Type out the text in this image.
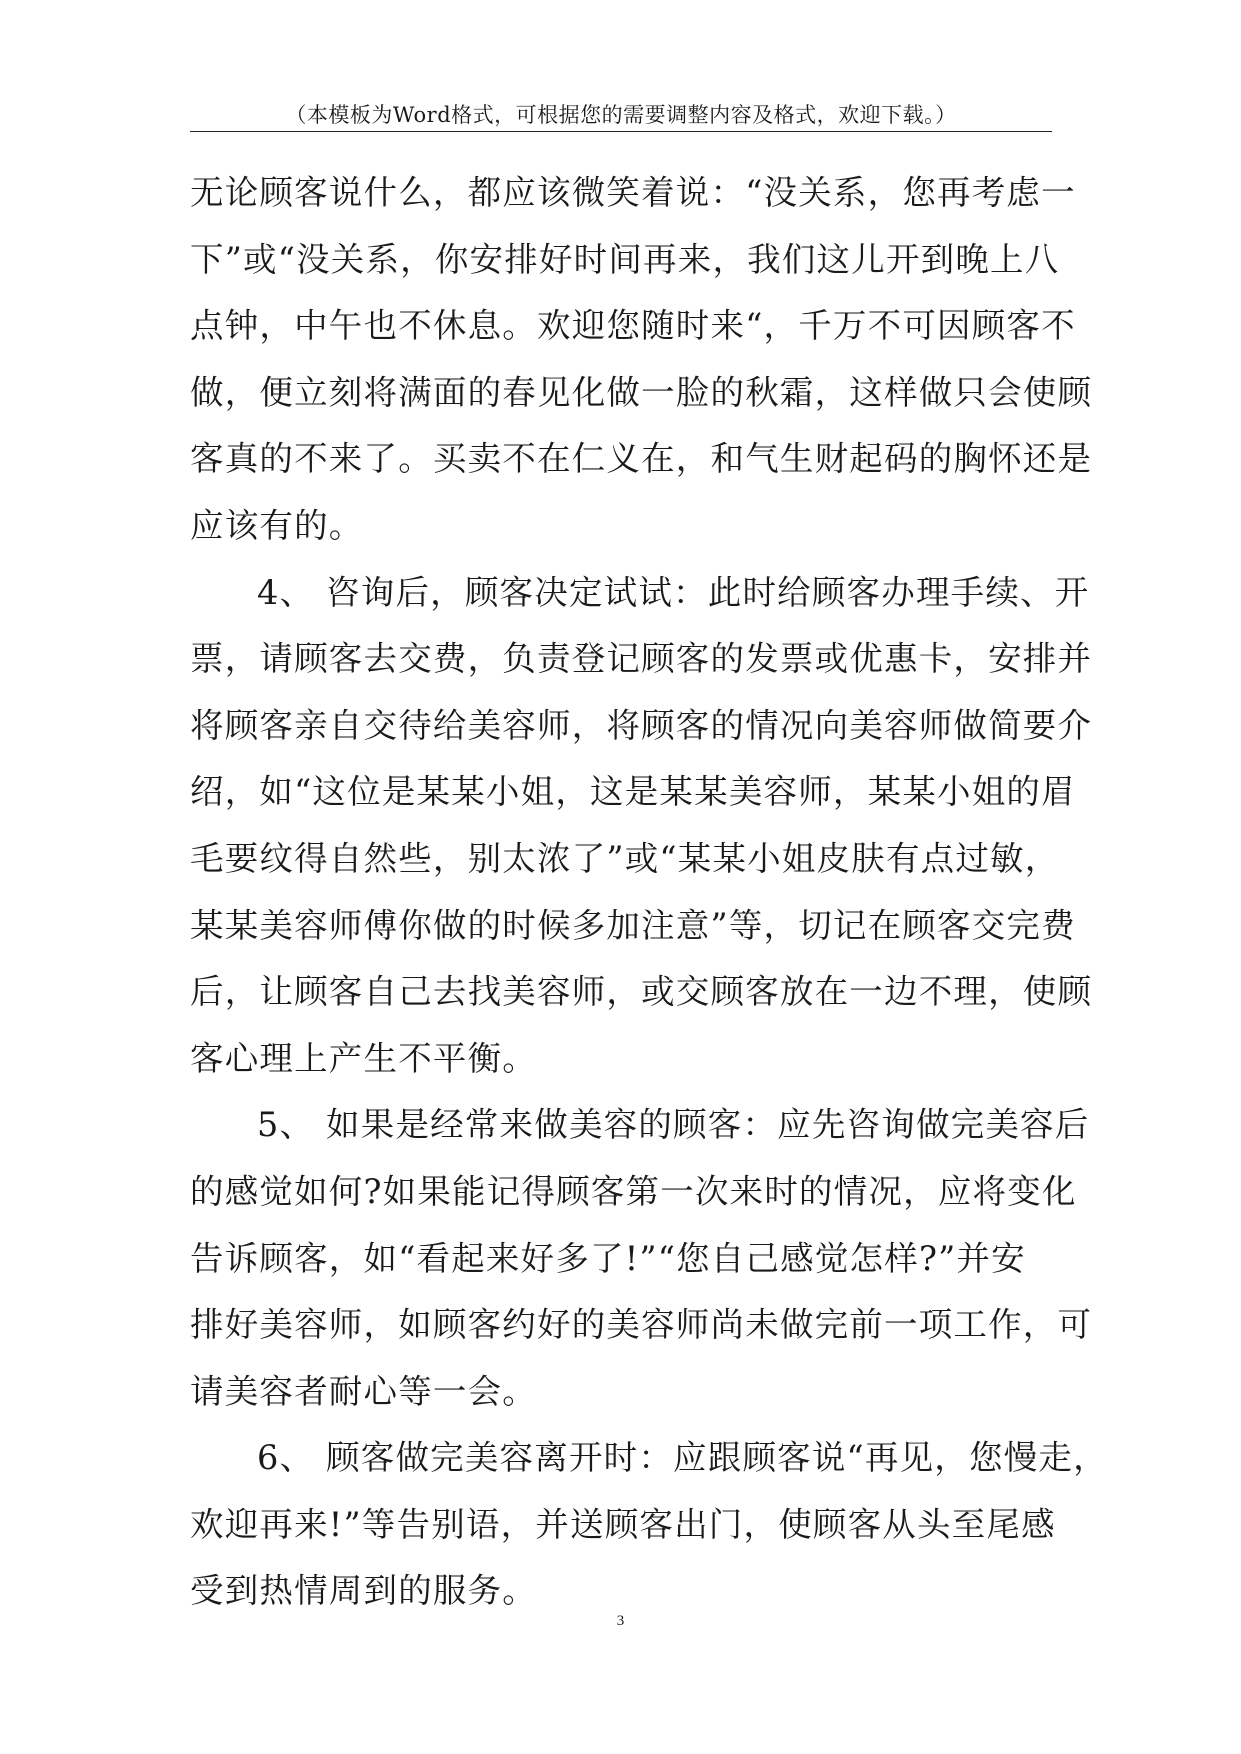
（本模板为Word格式，可根据您的需要调整内容及格式，欢迎下载。）
无论顾客说什么，都应该微笑着说：“没关系，您再考虑一
下”或“没关系，你安排好时间再来，我们这儿开到晚上八
点钟，中午也不休息。欢迎您随时来“，千万不可因顾客不
做，便立刻将满面的春见化做一脸的秋霜，这样做只会使顾
客真的不来了。买卖不在仁义在，和气生财起码的胸怀还是
应该有的。
4、 咨询后，顾客决定试试：此时给顾客办理手续、开
票，请顾客去交费，负责登记顾客的发票或优惠卡，安排并
将顾客亲自交待给美容师，将顾客的情况向美容师做简要介
绍，如“这位是某某小姐，这是某某美容师，某某小姐的眉
毛要纹得自然些，别太浓了”或“某某小姐皮肤有点过敏，
某某美容师傅你做的时候多加注意”等，切记在顾客交完费
后，让顾客自己去找美容师，或交顾客放在一边不理，使顾
客心理上产生不平衡。
5、 如果是经常来做美容的顾客：应先咨询做完美容后
的感觉如何?如果能记得顾客第一次来时的情况，应将变化
告诉顾客，如“看起来好多了!”“您自己感觉怎样?”并安
排好美容师，如顾客约好的美容师尚未做完前一项工作，可
请美容者耐心等一会。
6、 顾客做完美容离开时：应跟顾客说“再见，您慢走，
欢迎再来!”等告别语，并送顾客出门，使顾客从头至尾感
受到热情周到的服务。
3
